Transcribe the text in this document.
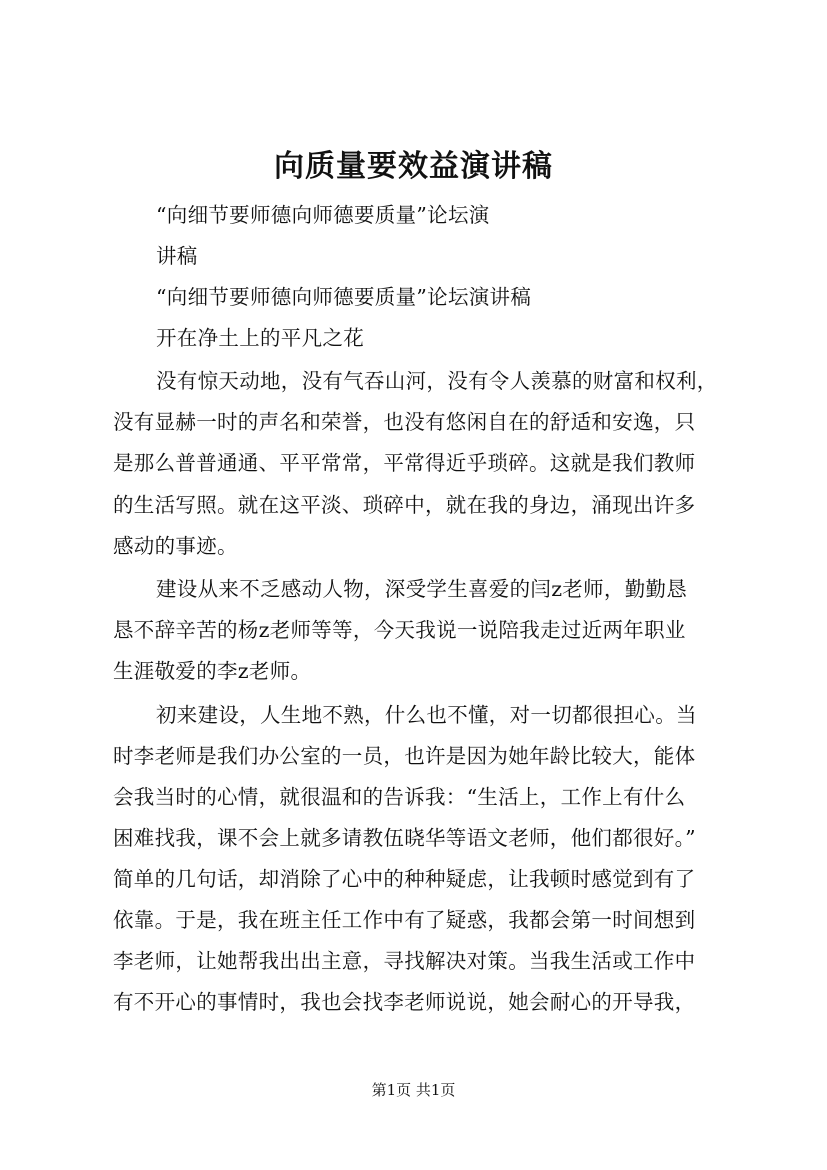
向质量要效益演讲稿
“向细节要师德向师德要质量”论坛演
讲稿
“向细节要师德向师德要质量”论坛演讲稿
开在净土上的平凡之花
没有惊天动地，没有气吞山河，没有令人羡慕的财富和权利，
没有显赫一时的声名和荣誉，也没有悠闲自在的舒适和安逸，只
是那么普普通通、平平常常，平常得近乎琐碎。这就是我们教师
的生活写照。就在这平淡、琐碎中，就在我的身边，涌现出许多
感动的事迹。
建设从来不乏感动人物，深受学生喜爱的闫z老师，勤勤恳
恳不辞辛苦的杨z老师等等，今天我说一说陪我走过近两年职业
生涯敬爱的李z老师。
初来建设，人生地不熟，什么也不懂，对一切都很担心。当
时李老师是我们办公室的一员，也许是因为她年龄比较大，能体
会我当时的心情，就很温和的告诉我：“生活上，工作上有什么
困难找我，课不会上就多请教伍晓华等语文老师，他们都很好。”
简单的几句话，却消除了心中的种种疑虑，让我顿时感觉到有了
依靠。于是，我在班主任工作中有了疑惑，我都会第一时间想到
李老师，让她帮我出出主意，寻找解决对策。当我生活或工作中
有不开心的事情时，我也会找李老师说说，她会耐心的开导我，
第1页 共1页
